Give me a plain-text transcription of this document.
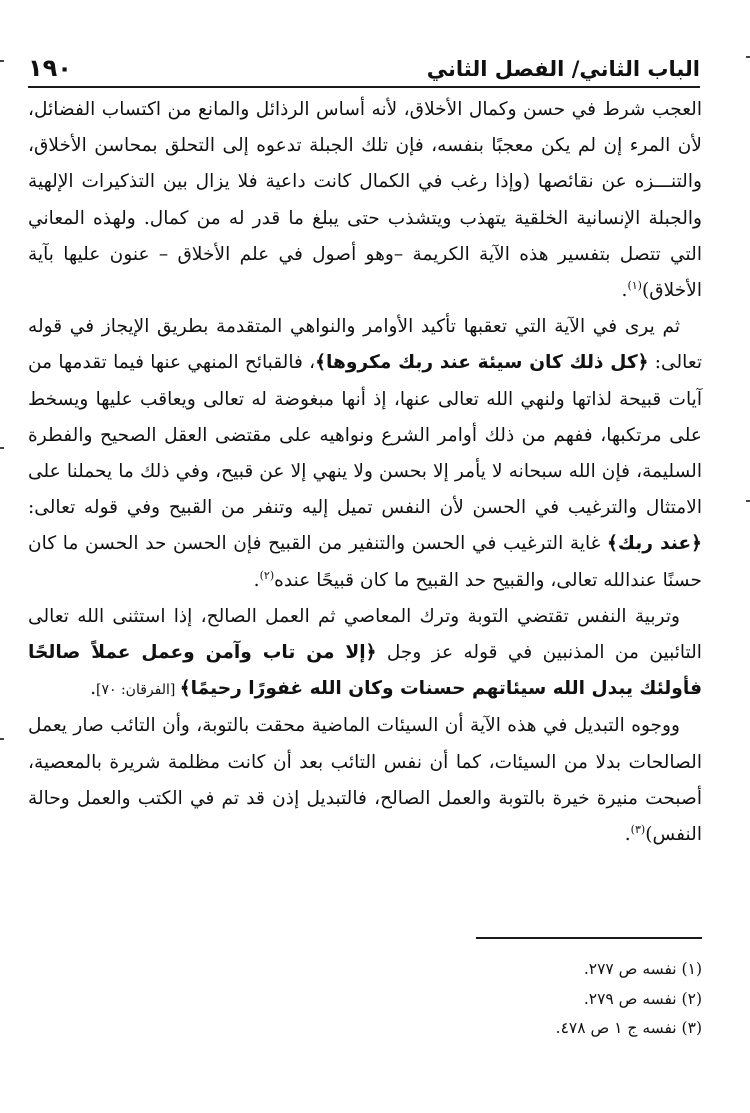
الباب الثاني/ الفصل الثاني
١٩٠

العجب شرط في حسن وكمال الأخلاق، لأنه أساس الرذائل والمانع من اكتساب الفضائل، لأن المرء إن لم يكن معجبًا بنفسه، فإن تلك الجبلة تدعوه إلى التحلق بمحاسن الأخلاق، والتنـــزه عن نقائصها (وإذا رغب في الكمال كانت داعية فلا يزال بين التذكيرات الإلهية والجبلة الإنسانية الخلقية يتهذب ويتشذب حتى يبلغ ما قدر له من كمال. ولهذه المعاني التي تتصل بتفسير هذه الآية الكريمة –وهو أصول في علم الأخلاق – عنون عليها بآية الأخلاق)$^{(١)}$.

ثم يرى في الآية التي تعقبها تأكيد الأوامر والنواهي المتقدمة بطريق الإيجاز في قوله تعالى: ﴿كل ذلك كان سيئة عند ربك مكروها﴾، فالقبائح المنهي عنها فيما تقدمها من آيات قبيحة لذاتها ولنهي الله تعالى عنها، إذ أنها مبغوضة له تعالى ويعاقب عليها ويسخط على مرتكبها، ففهم من ذلك أوامر الشرع ونواهيه على مقتضى العقل الصحيح والفطرة السليمة، فإن الله سبحانه لا يأمر إلا بحسن ولا ينهي إلا عن قبيح، وفي ذلك ما يحملنا على الامتثال والترغيب في الحسن لأن النفس تميل إليه وتنفر من القبيح وفي قوله تعالى: ﴿عند ربك﴾ غاية الترغيب في الحسن والتنفير من القبيح فإن الحسن حد الحسن ما كان حسنًا عندالله تعالى، والقبيح حد القبيح ما كان قبيحًا عنده$^{(٢)}$.

وتربية النفس تقتضي التوبة وترك المعاصي ثم العمل الصالح، إذا استثنى الله تعالى التائبين من المذنبين في قوله عز وجل ﴿إلا من تاب وآمن وعمل عملاً صالحًا فأولئك يبدل الله سيئاتهم حسنات وكان الله غفورًا رحيمًا﴾ [الفرقان: ٧٠].

ووجوه التبديل في هذه الآية أن السيئات الماضية محقت بالتوبة، وأن التائب صار يعمل الصالحات بدلا من السيئات، كما أن نفس التائب بعد أن كانت مظلمة شريرة بالمعصية، أصبحت منيرة خيرة بالتوبة والعمل الصالح، فالتبديل إذن قد تم في الكتب والعمل وحالة النفس)$^{(٣)}$.

(١) نفسه ص ٢٧٧.
(٢) نفسه ص ٢٧٩.
(٣) نفسه ج ١ ص ٤٧٨.
